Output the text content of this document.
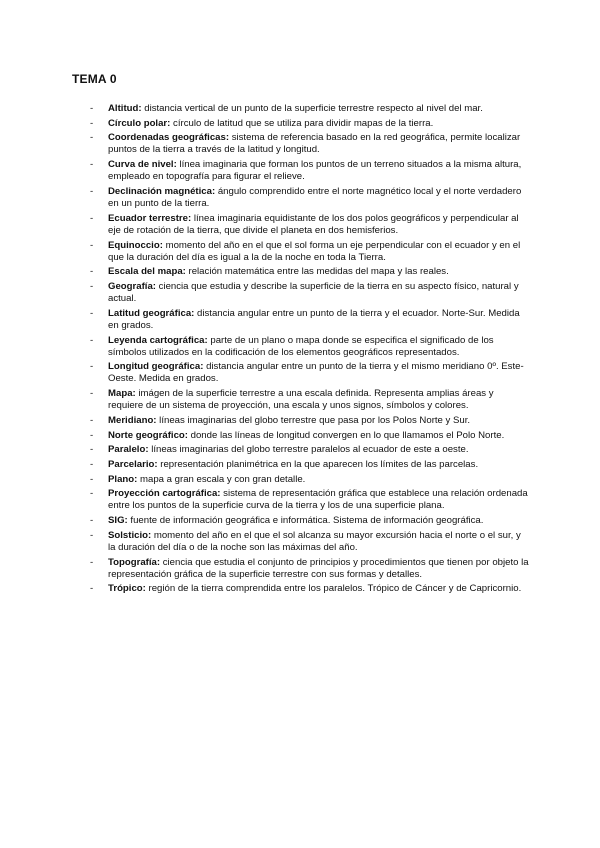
TEMA 0
- Altitud: distancia vertical de un punto de la superficie terrestre respecto al nivel del mar.
- Círculo polar: círculo de latitud que se utiliza para dividir mapas de la tierra.
- Coordenadas geográficas: sistema de referencia basado en la red geográfica, permite localizar puntos de la tierra a través de la latitud y longitud.
- Curva de nivel: línea imaginaria que forman los puntos de un terreno situados a la misma altura, empleado en topografía para figurar el relieve.
- Declinación magnética: ángulo comprendido entre el norte magnético local y el norte verdadero en un punto de la tierra.
- Ecuador terrestre: línea imaginaria equidistante de los dos polos geográficos y perpendicular al eje de rotación de la tierra, que divide el planeta en dos hemisferios.
- Equinoccio: momento del año en el que el sol forma un eje perpendicular con el ecuador y en el que la duración del día es igual a la de la noche en toda la Tierra.
- Escala del mapa: relación matemática entre las medidas del mapa y las reales.
- Geografía: ciencia que estudia y describe la superficie de la tierra en su aspecto físico, natural y actual.
- Latitud geográfica: distancia angular entre un punto de la tierra y el ecuador. Norte-Sur. Medida en grados.
- Leyenda cartográfica: parte de un plano o mapa donde se especifica el significado de los símbolos utilizados en la codificación de los elementos geográficos representados.
- Longitud geográfica: distancia angular entre un punto de la tierra y el mismo meridiano 0º. Este-Oeste. Medida en grados.
- Mapa: imágen de la superficie terrestre a una escala definida. Representa amplias áreas y requiere de un sistema de proyección, una escala y unos signos, símbolos y colores.
- Meridiano: líneas imaginarias del globo terrestre que pasa por los Polos Norte y Sur.
- Norte geográfico: donde las líneas de longitud convergen en lo que llamamos el Polo Norte.
- Paralelo: líneas imaginarias del globo terrestre paralelos al ecuador de este a oeste.
- Parcelario: representación planimétrica en la que aparecen los límites de las parcelas.
- Plano: mapa a gran escala y con gran detalle.
- Proyección cartográfica: sistema de representación gráfica que establece una relación ordenada entre los puntos de la superficie curva de la tierra y los de una superficie plana.
- SIG: fuente de información geográfica e informática. Sistema de información geográfica.
- Solsticio: momento del año en el que el sol alcanza su mayor excursión hacia el norte o el sur, y la duración del día o de la noche son las máximas del año.
- Topografía: ciencia que estudia el conjunto de principios y procedimientos que tienen por objeto la representación gráfica de la superficie terrestre con sus formas y detalles.
- Trópico: región de la tierra comprendida entre los paralelos. Trópico de Cáncer y de Capricornio.
